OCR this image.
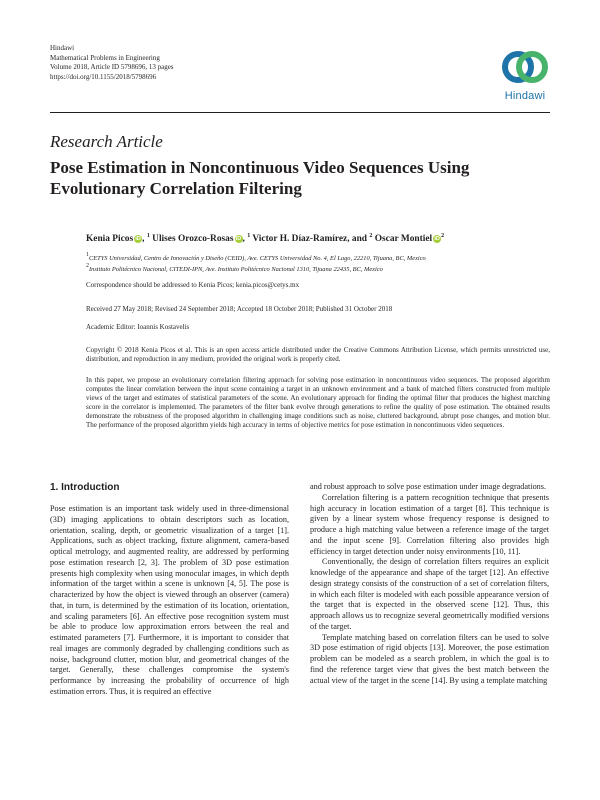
Hindawi
Mathematical Problems in Engineering
Volume 2018, Article ID 5798696, 13 pages
https://doi.org/10.1155/2018/5798696
Hindawi
Research Article
Pose Estimation in Noncontinuous Video Sequences Using
Evolutionary Correlation Filtering
Kenia Picos iD, $^1$ Ulises Orozco-Rosas iD, $^1$ Victor H. Díaz-Ramírez, and $^2$ Oscar Montiel $iD^2$
1CETYS Universidad, Centro de Innovación y Diseño (CEID), Ave. CETYS Universidad No. 4, El Lago, 22210, Tijuana, BC, Mexico
2Instituto Politécnico Nacional, CITEDI-IPN, Ave. Instituto Politécnico Nacional 1310, Tijuana 22435, BC, Mexico
Correspondence should be addressed to Kenia Picos; kenia.picos@cetys.mx
Received 27 May 2018; Revised 24 September 2018; Accepted 18 October 2018; Published 31 October 2018
Academic Editor: Ioannis Kostavelis
Copyright © 2018 Kenia Picos et al. This is an open access article distributed under the Creative Commons Attribution License, which permits unrestricted use, distribution, and reproduction in any medium, provided the original work is properly cited.
In this paper, we propose an evolutionary correlation filtering approach for solving pose estimation in noncontinuous video sequences. The proposed algorithm computes the linear correlation between the input scene containing a target in an unknown environment and a bank of matched filters constructed from multiple views of the target and estimates of statistical parameters of the scene. An evolutionary approach for finding the optimal filter that produces the highest matching score in the correlator is implemented. The parameters of the filter bank evolve through generations to refine the quality of pose estimation. The obtained results demonstrate the robustness of the proposed algorithm in challenging image conditions such as noise, cluttered background, abrupt pose changes, and motion blur. The performance of the proposed algorithm yields high accuracy in terms of objective metrics for pose estimation in noncontinuous video sequences.
1. Introduction

Pose estimation is an important task widely used in three-dimensional (3D) imaging applications to obtain descriptors such as location, orientation, scaling, depth, or geometric visualization of a target [1]. Applications, such as object tracking, fixture alignment, camera-based optical metrology, and augmented reality, are addressed by performing pose estimation research [2, 3]. The problem of 3D pose estimation presents high complexity when using monocular images, in which depth information of the target within a scene is unknown [4, 5]. The pose is characterized by how the object is viewed through an observer (camera) that, in turn, is determined by the estimation of its location, orientation, and scaling parameters [6]. An effective pose recognition system must be able to produce low approximation errors between the real and estimated parameters [7]. Furthermore, it is important to consider that real images are commonly degraded by challenging conditions such as noise, background clutter, motion blur, and geometrical changes of the target. Generally, these challenges compromise the system's performance by increasing the probability of occurrence of high estimation errors. Thus, it is required an effective

and robust approach to solve pose estimation under image degradations.

Correlation filtering is a pattern recognition technique that presents high accuracy in location estimation of a target [8]. This technique is given by a linear system whose frequency response is designed to produce a high matching value between a reference image of the target and the input scene [9]. Correlation filtering also provides high efficiency in target detection under noisy environments [10, 11].

Conventionally, the design of correlation filters requires an explicit knowledge of the appearance and shape of the target [12]. An effective design strategy consists of the construction of a set of correlation filters, in which each filter is modeled with each possible appearance version of the target that is expected in the observed scene [12]. Thus, this approach allows us to recognize several geometrically modified versions of the target.

Template matching based on correlation filters can be used to solve 3D pose estimation of rigid objects [13]. Moreover, the pose estimation problem can be modeled as a search problem, in which the goal is to find the reference target view that gives the best match between the actual view of the target in the scene [14]. By using a template matching
